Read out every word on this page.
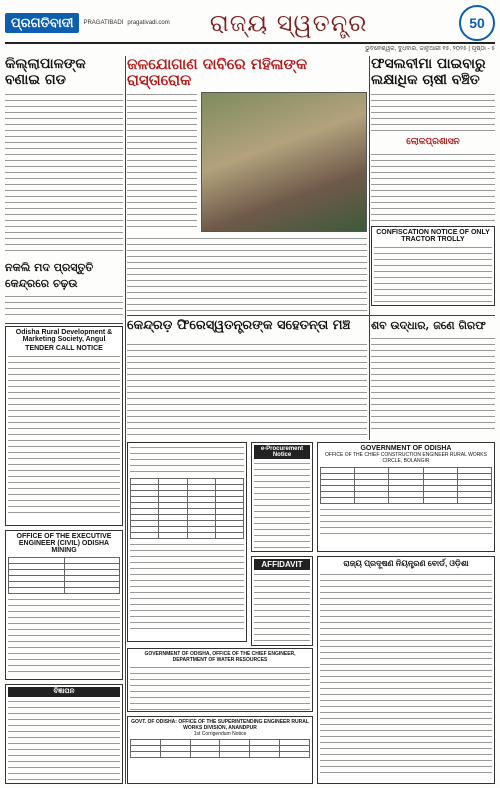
ପ୍ରଗତିବାଦୀ	PRAGATIBADI pragativadi.com ରାଜ୍ୟ ସ୍ୱତନ୍ତ୍ର	50
ଭୁବନେଶ୍ୱର, ବୁଧବାର, ଜାନୁଆରୀ ୧୫, ୨୦୨୫ | ପୃଷ୍ଠା - ୫
କିଲ୍ଲାପାଳଙ୍କ ବଣାଇ ଗଡ
ଜଳଯୋଗାଣ ଦାବିରେ ମହିଳାଙ୍କ ରାସ୍ତାରୋକ
ଫସଲବୀମା ପାଇବାରୁ ଲକ୍ଷାଧିକ ଚାଷୀ ବଞ୍ଚିତ
ଲୋକପ୍ରଶାସନ
CONFISCATION NOTICE OF ONLY TRACTOR TROLLY
ନକଲି ମଦ ପ୍ରସ୍ତୁତି କେନ୍ଦ୍ରରେ ଚଢ଼ଉ
କେନ୍ଦ୍ରଡ଼ ଫିରେସ୍ୱତନ୍ତ୍ରଙ୍କ ସହେତନ୍ତା ମଞ୍ଚ	ଶବ ଉଦ୍ଧାର, ଜଣେ ଗିରଫ
Odisha Rural Development & Marketing Society, Angul
TENDER CALL NOTICE
OFFICE OF THE EXECUTIVE ENGINEER (CIVIL) ODISHA MINING

ବିଜ୍ଞାପନ

e-Procurement Notice
AFFIDAVIT
GOVERNMENT OF ODISHA
OFFICE OF THE CHIEF CONSTRUCTION ENGINEER RURAL WORKS CIRCLE, BOLANGIR

ରାଜ୍ୟ ପ୍ରଦୂଷଣ ନିୟନ୍ତ୍ରଣ ବୋର୍ଡ, ଓଡ଼ିଶା
GOVERNMENT OF ODISHA, OFFICE OF THE CHIEF ENGINEER, DEPARTMENT OF WATER RESOURCES
GOVT. OF ODISHA: OFFICE OF THE SUPERINTENDING ENGINEER RURAL WORKS DIVISION, ANANDPUR
1st Corrigendum Notice
